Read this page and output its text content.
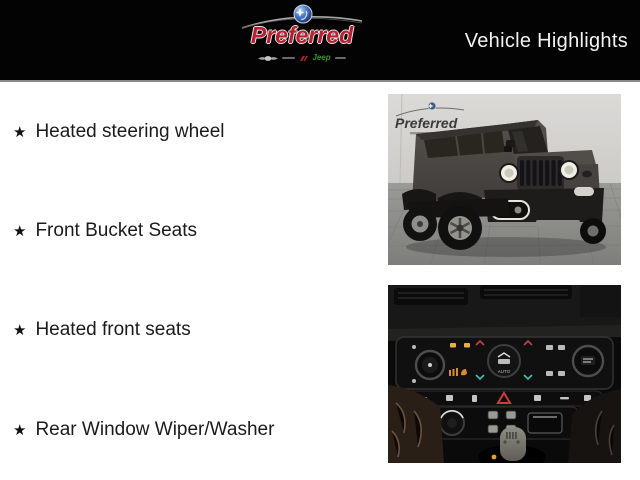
Preferred
Jeep
Vehicle Highlights
★ Heated steering wheel
★ Front Bucket Seats
★ Heated front seats
★ Rear Window Wiper/Washer
Preferred
AUTO
